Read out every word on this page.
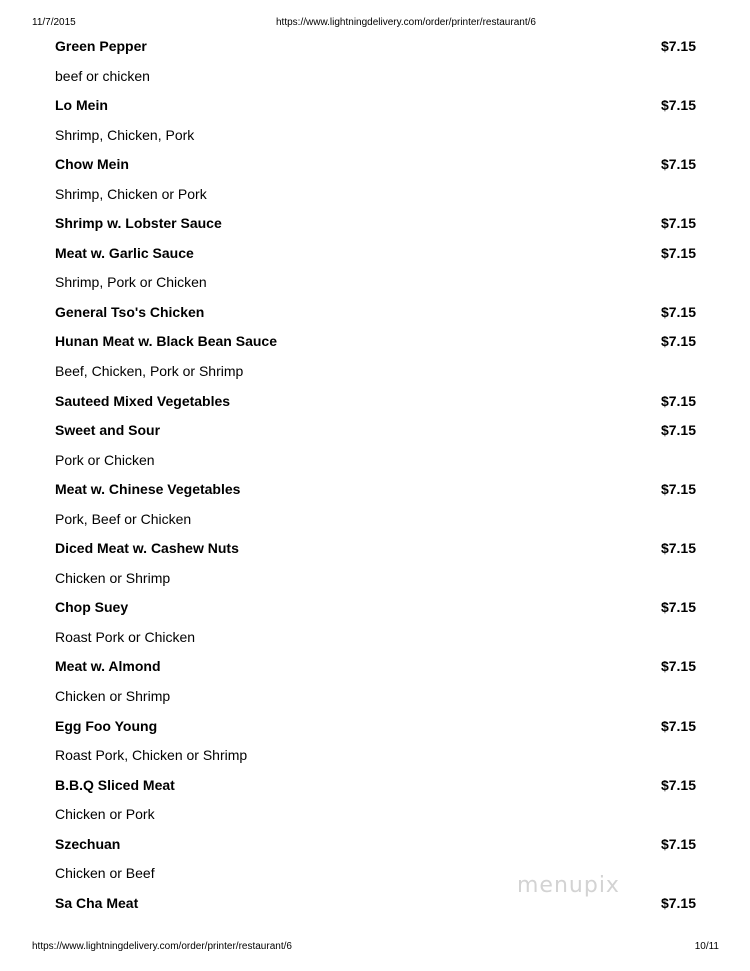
11/7/2015	https://www.lightningdelivery.com/order/printer/restaurant/6
Green Pepper	$7.15
beef or chicken
Lo Mein	$7.15
Shrimp, Chicken, Pork
Chow Mein	$7.15
Shrimp, Chicken or Pork
Shrimp w. Lobster Sauce	$7.15
Meat w. Garlic Sauce	$7.15
Shrimp, Pork or Chicken
General Tso's Chicken	$7.15
Hunan Meat w. Black Bean Sauce	$7.15
Beef, Chicken, Pork or Shrimp
Sauteed Mixed Vegetables	$7.15
Sweet and Sour	$7.15
Pork or Chicken
Meat w. Chinese Vegetables	$7.15
Pork, Beef or Chicken
Diced Meat w. Cashew Nuts	$7.15
Chicken or Shrimp
Chop Suey	$7.15
Roast Pork or Chicken
Meat w. Almond	$7.15
Chicken or Shrimp
Egg Foo Young	$7.15
Roast Pork, Chicken or Shrimp
B.B.Q Sliced Meat	$7.15
Chicken or Pork
Szechuan	$7.15
Chicken or Beef
Sa Cha Meat	$7.15
menupix
https://www.lightningdelivery.com/order/printer/restaurant/6	10/11
